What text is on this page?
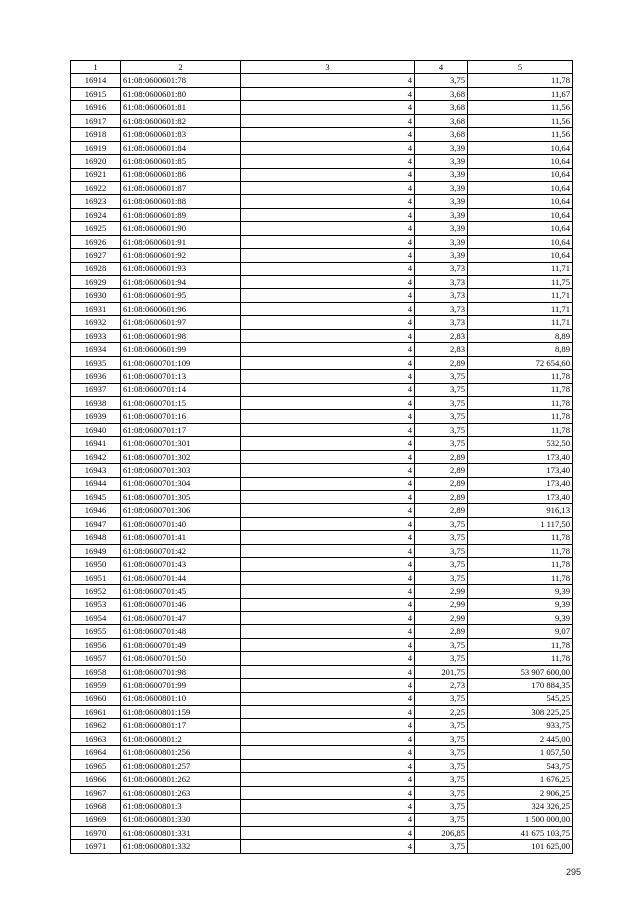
1	2	3	4	5
16914	61:08:0600601:78	4	3,75	11,78
16915	61:08:0600601:80	4	3,68	11,67
16916	61:08:0600601:81	4	3,68	11,56
16917	61:08:0600601:82	4	3,68	11,56
16918	61:08:0600601:83	4	3,68	11,56
16919	61:08:0600601:84	4	3,39	10,64
16920	61:08:0600601:85	4	3,39	10,64
16921	61:08:0600601:86	4	3,39	10,64
16922	61:08:0600601:87	4	3,39	10,64
16923	61:08:0600601:88	4	3,39	10,64
16924	61:08:0600601:89	4	3,39	10,64
16925	61:08:0600601:90	4	3,39	10,64
16926	61:08:0600601:91	4	3,39	10,64
16927	61:08:0600601:92	4	3,39	10,64
16928	61:08:0600601:93	4	3,73	11,71
16929	61:08:0600601:94	4	3,73	11,75
16930	61:08:0600601:95	4	3,73	11,71
16931	61:08:0600601:96	4	3,73	11,71
16932	61:08:0600601:97	4	3,73	11,71
16933	61:08:0600601:98	4	2,83	8,89
16934	61:08:0600601:99	4	2,83	8,89
16935	61:08:0600701:109	4	2,89	72 654,60
16936	61:08:0600701:13	4	3,75	11,78
16937	61:08:0600701:14	4	3,75	11,78
16938	61:08:0600701:15	4	3,75	11,78
16939	61:08:0600701:16	4	3,75	11,78
16940	61:08:0600701:17	4	3,75	11,78
16941	61:08:0600701:301	4	3,75	532,50
16942	61:08:0600701:302	4	2,89	173,40
16943	61:08:0600701:303	4	2,89	173,40
16944	61:08:0600701:304	4	2,89	173,40
16945	61:08:0600701:305	4	2,89	173,40
16946	61:08:0600701:306	4	2,89	916,13
16947	61:08:0600701:40	4	3,75	1 117,50
16948	61:08:0600701:41	4	3,75	11,78
16949	61:08:0600701:42	4	3,75	11,78
16950	61:08:0600701:43	4	3,75	11,78
16951	61:08:0600701:44	4	3,75	11,78
16952	61:08:0600701:45	4	2,99	9,39
16953	61:08:0600701:46	4	2,99	9,39
16954	61:08:0600701:47	4	2,99	9,39
16955	61:08:0600701:48	4	2,89	9,07
16956	61:08:0600701:49	4	3,75	11,78
16957	61:08:0600701:50	4	3,75	11,78
16958	61:08:0600701:98	4	201,75	53 907 600,00
16959	61:08:0600701:99	4	2,73	170 884,35
16960	61:08:0600801:10	4	3,75	545,25
16961	61:08:0600801:159	4	2,25	308 225,25
16962	61:08:0600801:17	4	3,75	933,75
16963	61:08:0600801:2	4	3,75	2 445,00
16964	61:08:0600801:256	4	3,75	1 057,50
16965	61:08:0600801:257	4	3,75	543,75
16966	61:08:0600801:262	4	3,75	1 676,25
16967	61:08:0600801:263	4	3,75	2 906,25
16968	61:08:0600801:3	4	3,75	324 326,25
16969	61:08:0600801:330	4	3,75	1 500 000,00
16970	61:08:0600801:331	4	206,85	41 675 103,75
16971	61:08:0600801:332	4	3,75	101 625,00
295
